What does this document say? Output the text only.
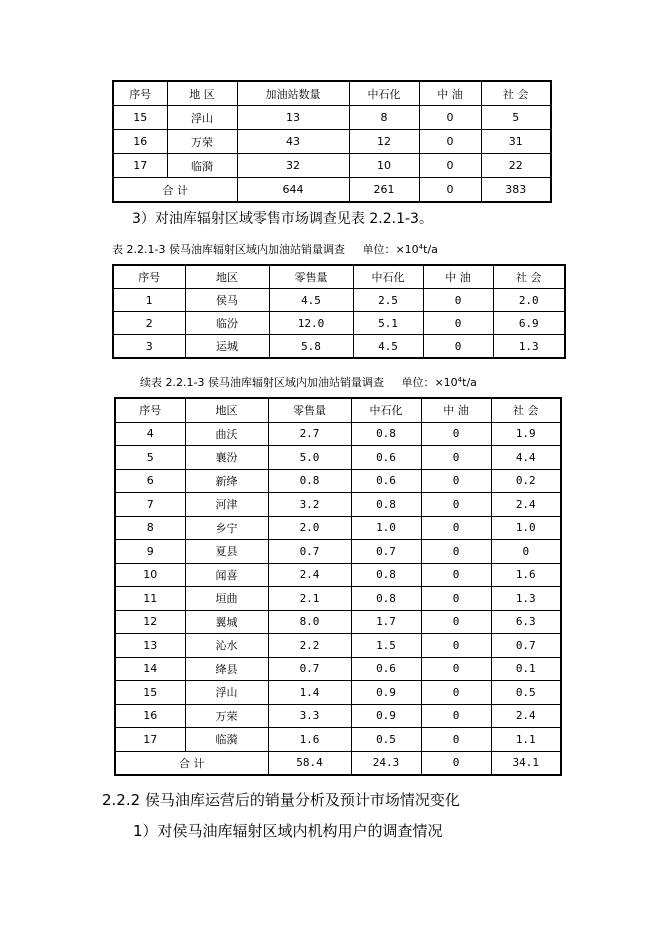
序号	地 区	加油站数量	中石化	中 油	社 会
15	浮山	13	8	0	5
16	万荣	43	12	0	31
17	临漪	32	10	0	22
合 计		644	261	0	383
3）对油库辐射区域零售市场调查见表 2.2.1-3。
表 2.2.1-3 侯马油库辐射区域内加油站销量调查 单位：$\times 10^4t/a$
序号	地区	零售量	中石化	中 油	社 会
1	侯马	4.5	2.5	0	2.0
2	临汾	12.0	5.1	0	6.9
3	运城	5.8	4.5	0	1.3
续表 2.2.1-3 侯马油库辐射区域内加油站销量调查 单位：$\times 10^4t/a$
序号	地区	零售量	中石化	中 油	社 会
4	曲沃	2.7	0.8	0	1.9
5	襄汾	5.0	0.6	0	4.4
6	新绛	0.8	0.6	0	0.2
7	河津	3.2	0.8	0	2.4
8	乡宁	2.0	1.0	0	1.0
9	夏县	0.7	0.7	0	0
10	闻喜	2.4	0.8	0	1.6
11	垣曲	2.1	0.8	0	1.3
12	翼城	8.0	1.7	0	6.3
13	沁水	2.2	1.5	0	0.7
14	绛县	0.7	0.6	0	0.1
15	浮山	1.4	0.9	0	0.5
16	万荣	3.3	0.9	0	2.4
17	临漪	1.6	0.5	0	1.1
合 计		58.4	24.3	0	34.1
2.2.2 侯马油库运营后的销量分析及预计市场情况变化
1）对侯马油库辐射区域内机构用户的调查情况
